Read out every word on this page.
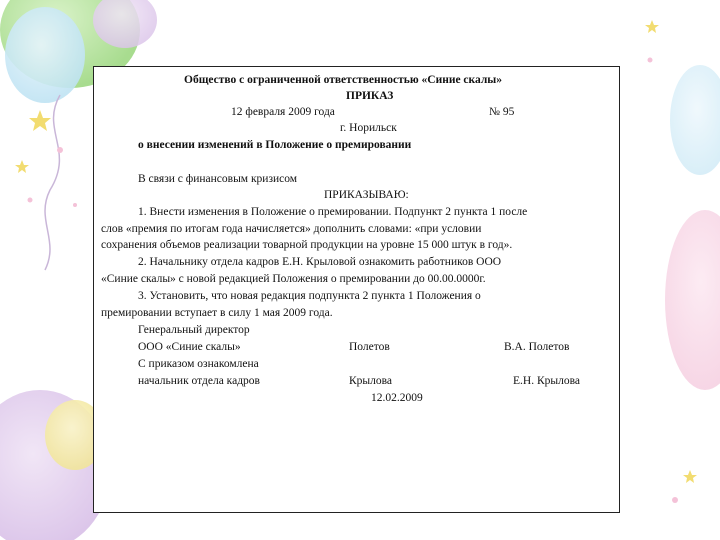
Общество с ограниченной ответственностью «Синие скалы»
ПРИКАЗ
12 февраля 2009 года	№ 95
г. Норильск
о внесении изменений в Положение о премировании
В связи с финансовым кризисом
ПРИКАЗЫВАЮ:
1. Внести изменения в Положение о премировании. Подпункт 2 пункта 1 после
слов «премия по итогам года начисляется» дополнить словами: «при условии
сохранения объемов реализации товарной продукции на уровне 15 000 штук в год».
2. Начальнику отдела кадров Е.Н. Крыловой ознакомить работников ООО
«Синие скалы» с новой редакцией Положения о премировании до 00.00.0000г.
3. Установить, что новая редакция подпункта 2 пункта 1 Положения о
премировании вступает в силу 1 мая 2009 года.
Генеральный директор
ООО «Синие скалы»	Полетов	В.А. Полетов
С приказом ознакомлена
начальник отдела кадров	Крылова	Е.Н. Крылова
12.02.2009
